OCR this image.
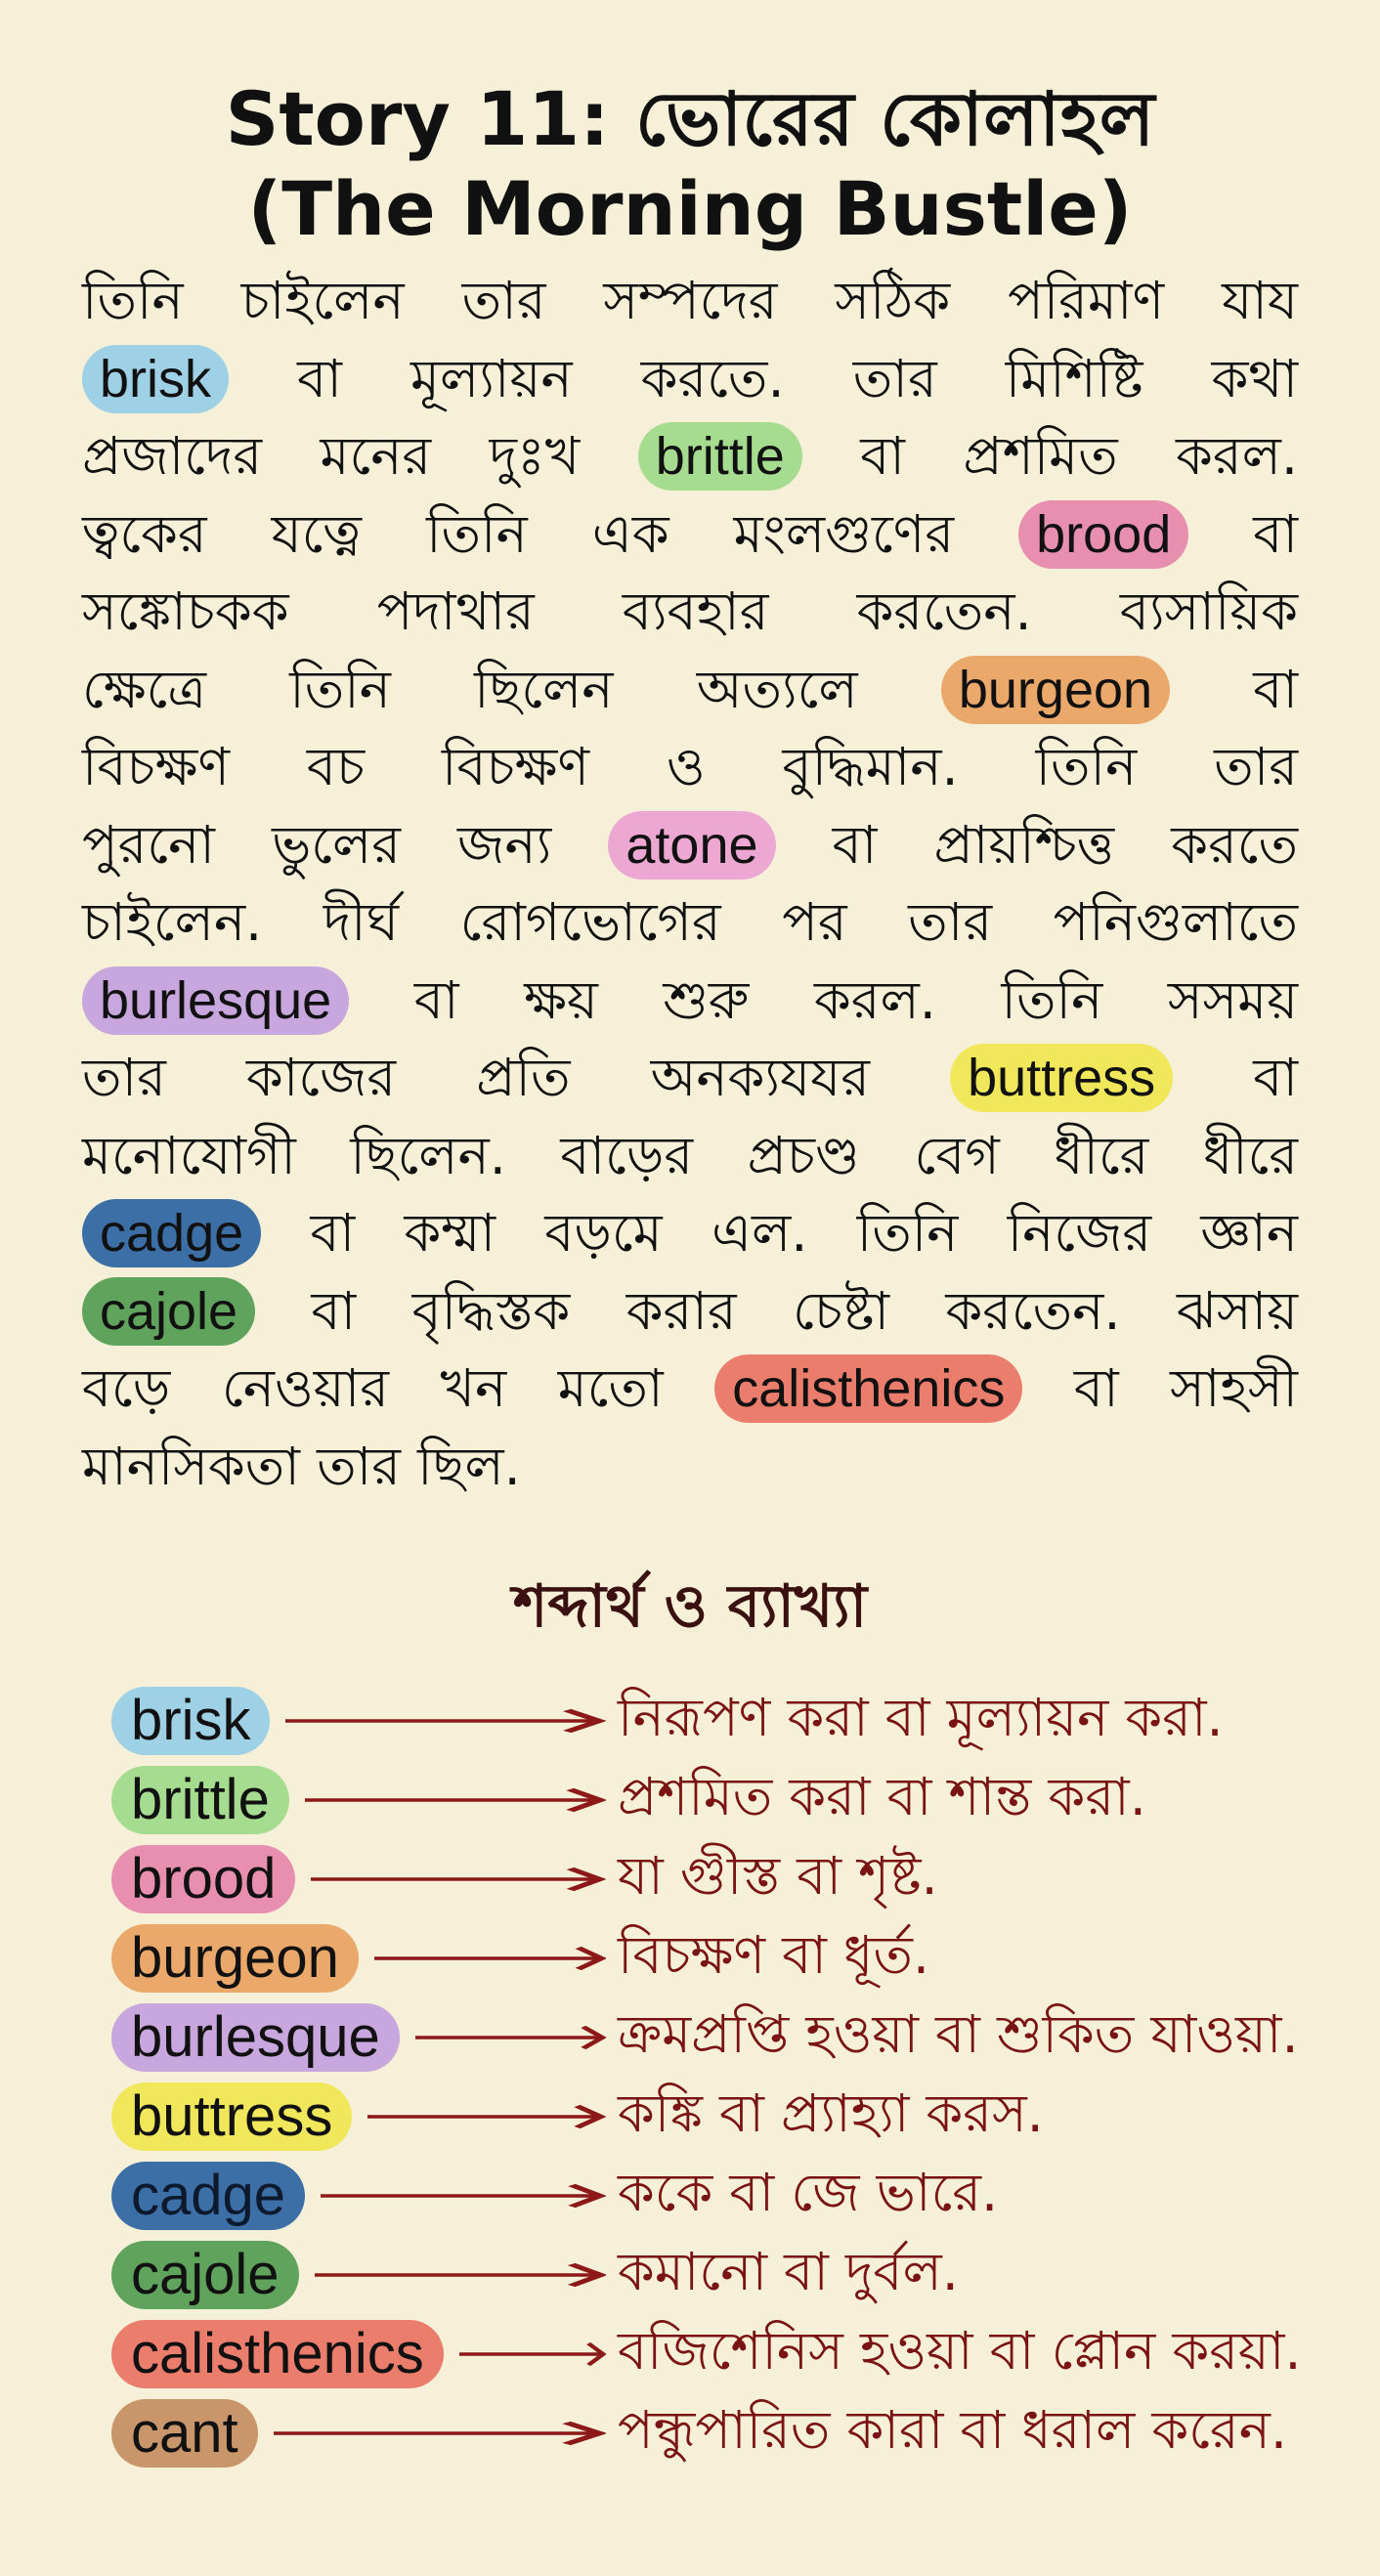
Story 11: ভোরের কোলাহল
(The Morning Bustle)
তিনি চাইলেন তার সম্পদের সঠিক পরিমাণ যায
brisk বা মূল্যায়ন করতে. তার মিশিষ্টি কথা
প্রজাদের মনের দুঃখ brittle বা প্রশমিত করল.
ত্বকের যত্নে তিনি এক মংলগুণের brood বা
সঙ্কোচকক পদাথার ব্যবহার করতেন. ব্যসায়িক
ক্ষেত্রে তিনি ছিলেন অত্যলে burgeon বা
বিচক্ষণ বচ বিচক্ষণ ও বুদ্ধিমান. তিনি তার
পুরনো ভুলের জন্য atone বা প্রায়শ্চিত্ত করতে
চাইলেন. দীর্ঘ রোগভোগের পর তার পনিগুলাতে
burlesque বা ক্ষয় শুরু করল. তিনি সসময়
তার কাজের প্রতি অনক্যযযর buttress বা
মনোযোগী ছিলেন. বাড়ের প্রচণ্ড বেগ ধীরে ধীরে
cadge বা কম্মা বড়মে এল. তিনি নিজের জ্ঞান
cajole বা বৃদ্ধিস্তক করার চেষ্টা করতেন. ঝসায়
বড়ে নেওয়ার খন মতো calisthenics বা সাহসী
মানসিকতা তার ছিল.
শব্দার্থ ও ব্যাখ্যা
brisk	নিরূপণ করা বা মূল্যায়ন করা.
brittle	প্রশমিত করা বা শান্ত করা.
brood	যা গুীস্ত বা শৃষ্ট.
burgeon	বিচক্ষণ বা ধূর্ত.
burlesque	ক্রমপ্রপ্তি হওয়া বা শুকিত যাওয়া.
buttress	কঙ্কি বা প্র্যাহ্যা করস.
cadge	ককে বা জে ভারে.
cajole	কমানো বা দুর্বল.
calisthenics	বজিশেনিস হওয়া বা প্লোন করয়া.
cant	পন্ধুপারিত কারা বা ধরাল করেন.
